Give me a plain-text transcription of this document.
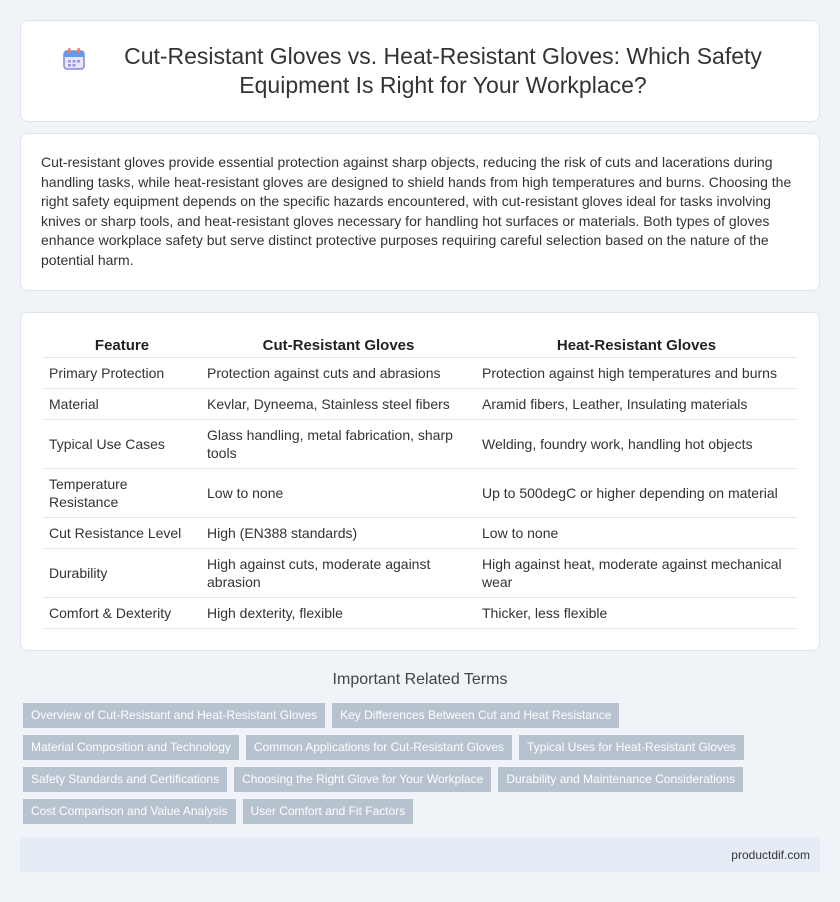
Cut-Resistant Gloves vs. Heat-Resistant Gloves: Which Safety Equipment Is Right for Your Workplace?

Cut-resistant gloves provide essential protection against sharp objects, reducing the risk of cuts and lacerations during handling tasks, while heat-resistant gloves are designed to shield hands from high temperatures and burns. Choosing the right safety equipment depends on the specific hazards encountered, with cut-resistant gloves ideal for tasks involving knives or sharp tools, and heat-resistant gloves necessary for handling hot surfaces or materials. Both types of gloves enhance workplace safety but serve distinct protective purposes requiring careful selection based on the nature of the potential harm.

Feature	Cut-Resistant Gloves	Heat-Resistant Gloves
Primary Protection	Protection against cuts and abrasions	Protection against high temperatures and burns
Material	Kevlar, Dyneema, Stainless steel fibers	Aramid fibers, Leather, Insulating materials
Typical Use Cases	Glass handling, metal fabrication, sharp tools	Welding, foundry work, handling hot objects
Temperature Resistance	Low to none	Up to 500degC or higher depending on material
Cut Resistance Level	High (EN388 standards)	Low to none
Durability	High against cuts, moderate against abrasion	High against heat, moderate against mechanical wear
Comfort & Dexterity	High dexterity, flexible	Thicker, less flexible
Important Related Terms
Overview of Cut-Resistant and Heat-Resistant Gloves	Key Differences Between Cut and Heat Resistance
Material Composition and Technology	Common Applications for Cut-Resistant Gloves	Typical Uses for Heat-Resistant Gloves
Safety Standards and Certifications	Choosing the Right Glove for Your Workplace	Durability and Maintenance Considerations
Cost Comparison and Value Analysis	User Comfort and Fit Factors
productdif.com
